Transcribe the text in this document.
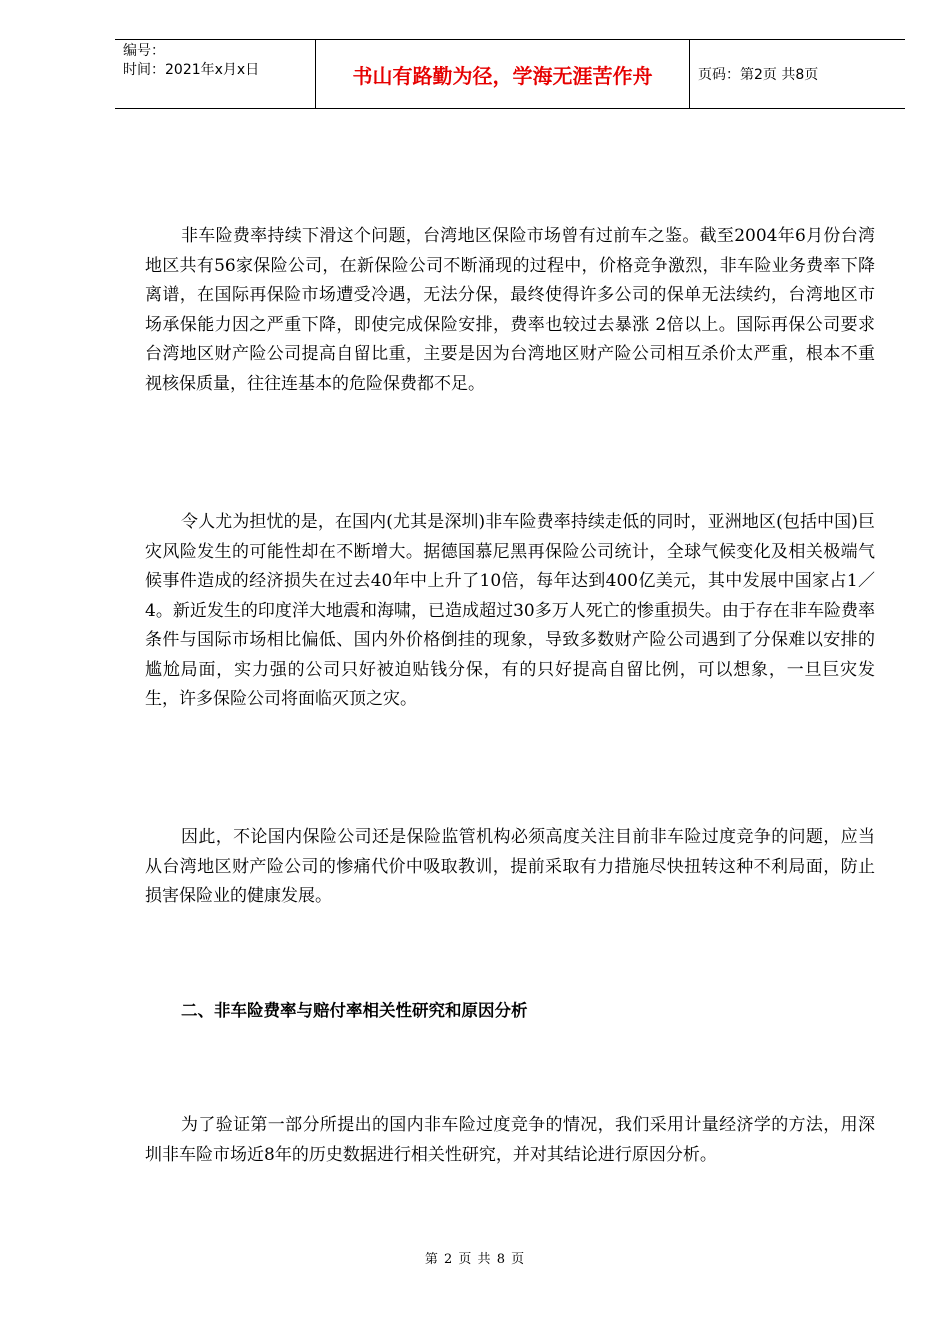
编号：
时间：2021年x月x日	书山有路勤为径，学海无涯苦作舟	页码：第2页 共8页

非车险费率持续下滑这个问题，台湾地区保险市场曾有过前车之鉴。截至2004年6月份台湾地区共有56家保险公司，在新保险公司不断涌现的过程中，价格竞争激烈，非车险业务费率下降离谱，在国际再保险市场遭受冷遇，无法分保，最终使得许多公司的保单无法续约，台湾地区市场承保能力因之严重下降，即使完成保险安排，费率也较过去暴涨 2倍以上。国际再保公司要求台湾地区财产险公司提高自留比重，主要是因为台湾地区财产险公司相互杀价太严重，根本不重视核保质量，往往连基本的危险保费都不足。

令人尤为担忧的是，在国内(尤其是深圳)非车险费率持续走低的同时，亚洲地区(包括中国)巨灾风险发生的可能性却在不断增大。据德国慕尼黑再保险公司统计，全球气候变化及相关极端气候事件造成的经济损失在过去40年中上升了10倍，每年达到400亿美元，其中发展中国家占1／4。新近发生的印度洋大地震和海啸，已造成超过30多万人死亡的惨重损失。由于存在非车险费率条件与国际市场相比偏低、国内外价格倒挂的现象，导致多数财产险公司遇到了分保难以安排的尴尬局面，实力强的公司只好被迫贴钱分保，有的只好提高自留比例，可以想象，一旦巨灾发生，许多保险公司将面临灭顶之灾。

因此，不论国内保险公司还是保险监管机构必须高度关注目前非车险过度竞争的问题，应当从台湾地区财产险公司的惨痛代价中吸取教训，提前采取有力措施尽快扭转这种不利局面，防止损害保险业的健康发展。

二、非车险费率与赔付率相关性研究和原因分析

为了验证第一部分所提出的国内非车险过度竞争的情况，我们采用计量经济学的方法，用深圳非车险市场近8年的历史数据进行相关性研究，并对其结论进行原因分析。

第 2 页 共 8 页
